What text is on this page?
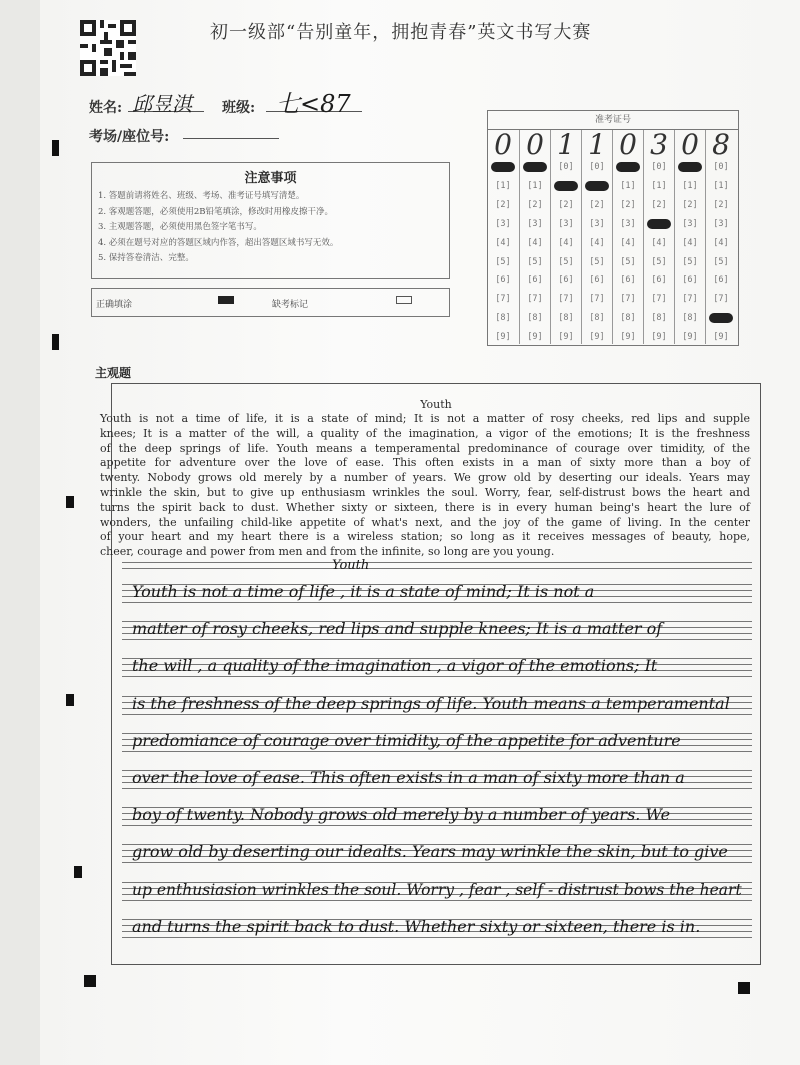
初一级部“告别童年，拥抱青春”英文书写大赛
姓名: 邱昱淇 班级: 七<87
考场/座位号:
注意事项
1. 答题前请将姓名、班级、考场、准考证号填写清楚。
2. 客观题答题，必须使用2B铅笔填涂，修改时用橡皮擦干净。
3. 主观题答题，必须使用黑色签字笔书写。
4. 必须在题号对应的答题区域内作答，超出答题区域书写无效。
5. 保持答卷清洁、完整。
正确填涂	缺考标记
准考证号
0
[1]
[2]
[3]
[4]
[5]
[6]
[7]
[8]
[9]
0
[1]
[2]
[3]
[4]
[5]
[6]
[7]
[8]
[9]
1
[0]
[2]
[3]
[4]
[5]
[6]
[7]
[8]
[9]
1
[0]
[2]
[3]
[4]
[5]
[6]
[7]
[8]
[9]
0
[1]
[2]
[3]
[4]
[5]
[6]
[7]
[8]
[9]
3
[0]
[1]
[2]
[4]
[5]
[6]
[7]
[8]
[9]
0
[1]
[2]
[3]
[4]
[5]
[6]
[7]
[8]
[9]
8
[0]
[1]
[2]
[3]
[4]
[5]
[6]
[7]
[9]
主观题
Youth
Youth is not a time of life, it is a state of mind; It is not a matter of rosy cheeks, red lips and supple
knees; It is a matter of the will, a quality of the imagination, a vigor of the emotions; It is the freshness
of the deep springs of life. Youth means a temperamental predominance of courage over timidity, of the
appetite for adventure over the love of ease. This often exists in a man of sixty more than a boy of
twenty. Nobody grows old merely by a number of years. We grow old by deserting our ideals. Years may
wrinkle the skin, but to give up enthusiasm wrinkles the soul. Worry, fear, self-distrust bows the heart and
turns the spirit back to dust. Whether sixty or sixteen, there is in every human being's heart the lure of
wonders, the unfailing child-like appetite of what's next, and the joy of the game of living. In the center
of your heart and my heart there is a wireless station; so long as it receives messages of beauty, hope,
cheer, courage and power from men and from the infinite, so long are you young.
Youth
Youth is not a time of life , it is a state of mind; It is not a
matter of rosy cheeks, red lips and supple knees; It is a matter of
the will , a quality of the imagination , a vigor of the emotions; It
is the freshness of the deep springs of life. Youth means a temperamental
predomiance of courage over timidity, of the appetite for adventure
over the love of ease. This often exists in a man of sixty more than a
boy of twenty. Nobody grows old merely by a number of years. We
grow old by deserting our idealts. Years may wrinkle the skin, but to give
up enthusiasion wrinkles the soul. Worry , fear , self - distrust bows the heart
and turns the spirit back to dust. Whether sixty or sixteen, there is in.
